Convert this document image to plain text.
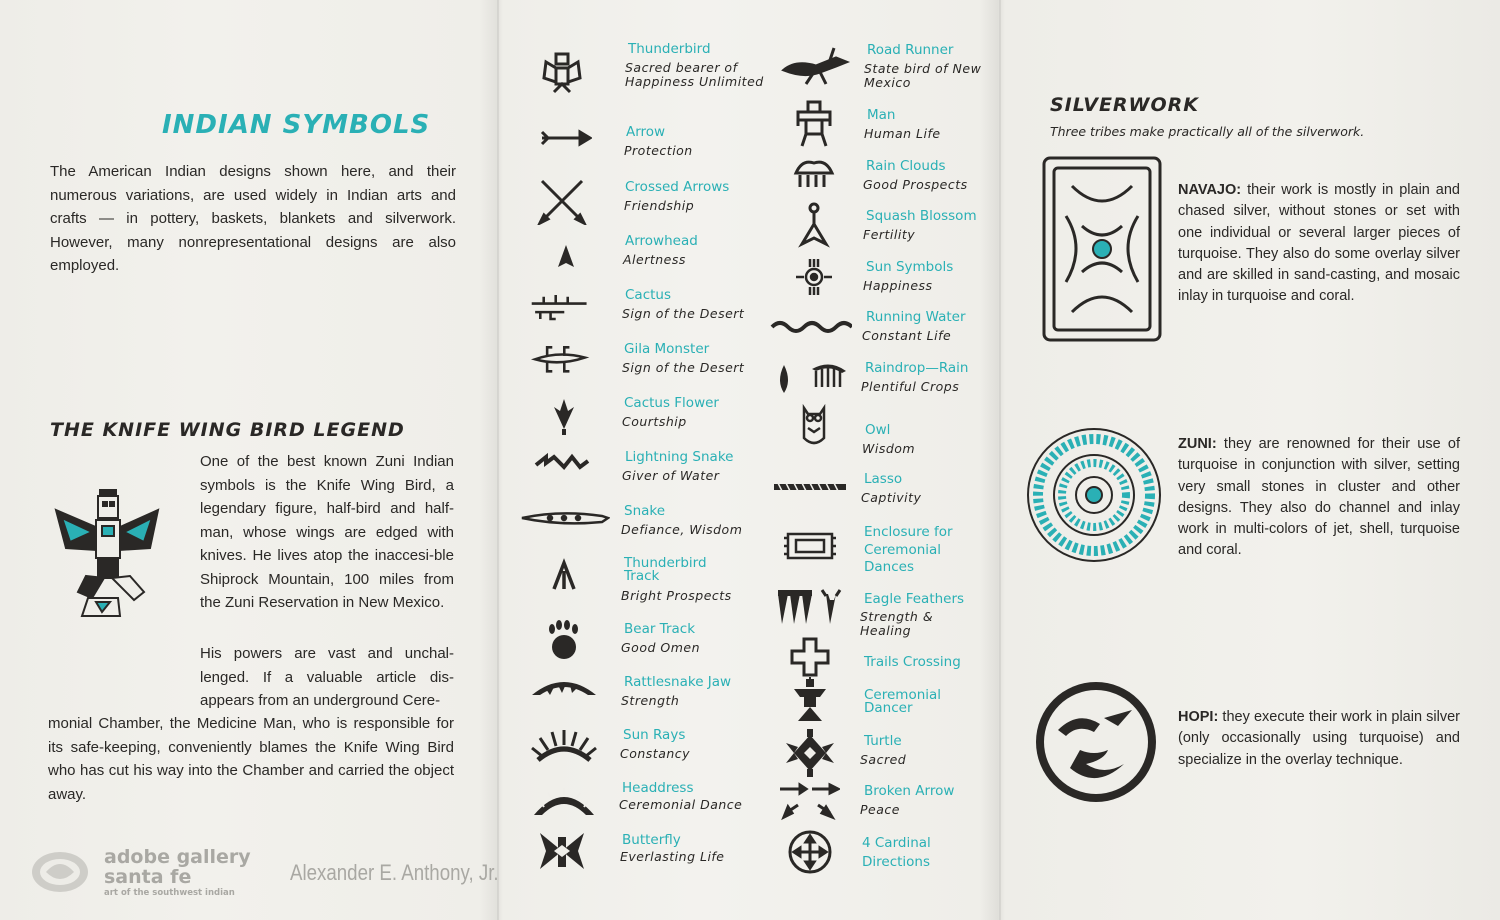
INDIAN SYMBOLS
The American Indian designs shown here, and their numerous variations, are used widely in Indian arts and crafts — in pottery, baskets, blankets and silverwork. However, many nonrepresentational designs are also employed.
THE KNIFE WING BIRD LEGEND
One of the best known Zuni Indian symbols is the Knife Wing Bird, a legendary figure, half-bird and half-man, whose wings are edged with knives. He lives atop the inaccesi-ble Shiprock Mountain, 100 miles from the Zuni Reservation in New Mexico.
His powers are vast and unchal-lenged. If a valuable article dis-appears from an underground Cere-
monial Chamber, the Medicine Man, who is responsible for its safe-keeping, conveniently blames the Knife Wing Bird who has cut his way into the Chamber and carried the object away.
adobe gallery
santa fe
art of the southwest indian
Alexander E. Anthony, Jr.
Thunderbird
Sacred bearer of Happiness Unlimited
Arrow
Protection
Crossed Arrows
Friendship
Arrowhead
Alertness
Cactus
Sign of the Desert
Gila Monster
Sign of the Desert
Cactus Flower
Courtship
Lightning Snake
Giver of Water
Snake
Defiance, Wisdom
Thunderbird Track
Bright Prospects
Bear Track
Good Omen
Rattlesnake Jaw
Strength
Sun Rays
Constancy
Headdress
Ceremonial Dance
Butterfly
Everlasting Life
Road Runner
State bird of New Mexico
Man
Human Life
Rain Clouds
Good Prospects
Squash Blossom
Fertility
Sun Symbols
Happiness
Running Water
Constant Life
Raindrop—Rain
Plentiful Crops
Owl
Wisdom
Lasso
Captivity
Enclosure for Ceremonial Dances
Eagle Feathers
Strength & Healing
Trails Crossing
Ceremonial Dancer
Turtle
Sacred
Broken Arrow
Peace
4 Cardinal Directions
SILVERWORK
Three tribes make practically all of the silverwork.
NAVAJO: their work is mostly in plain and chased silver, without stones or set with one individual or several larger pieces of turquoise. They also do some overlay silver and are skilled in sand-casting, and mosaic inlay in turquoise and coral.
ZUNI: they are renowned for their use of turquoise in conjunction with silver, setting very small stones in cluster and other designs. They also do channel and inlay work in multi-colors of jet, shell, turquoise and coral.
HOPI: they execute their work in plain silver (only occasionally using turquoise) and specialize in the overlay technique.
